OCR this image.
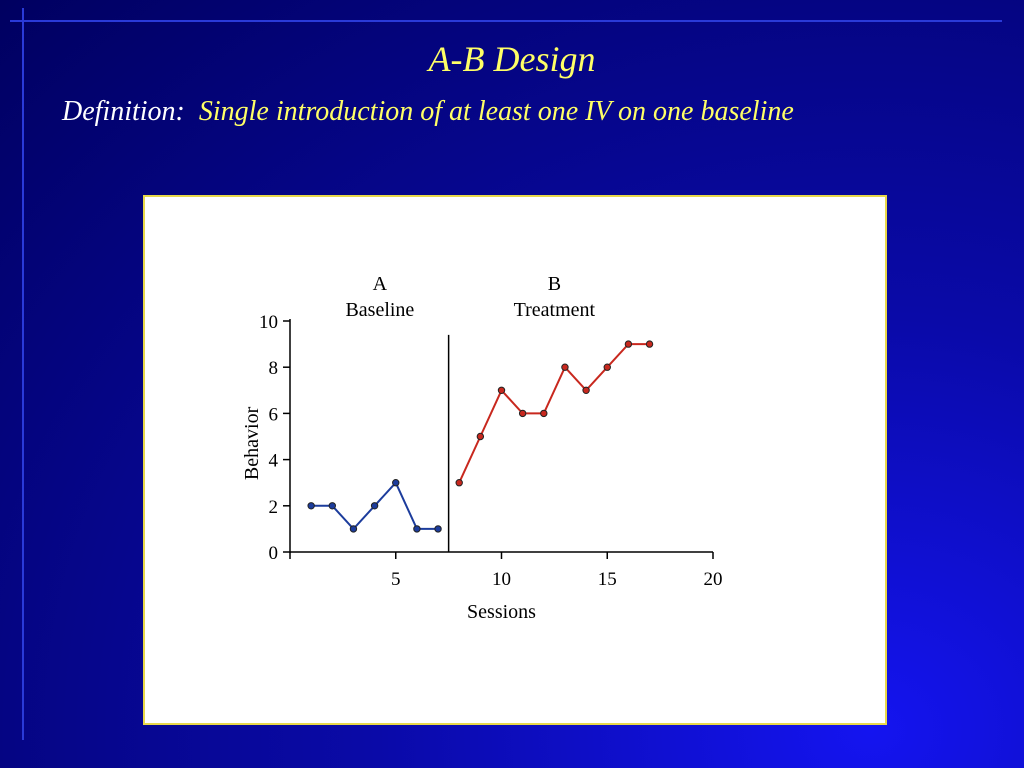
A-B Design
Definition: Single introduction of at least one IV on one baseline
0
2
4
6
8
10
5	10	15	20
Sessions
Behavior
A
Baseline
B
Treatment
